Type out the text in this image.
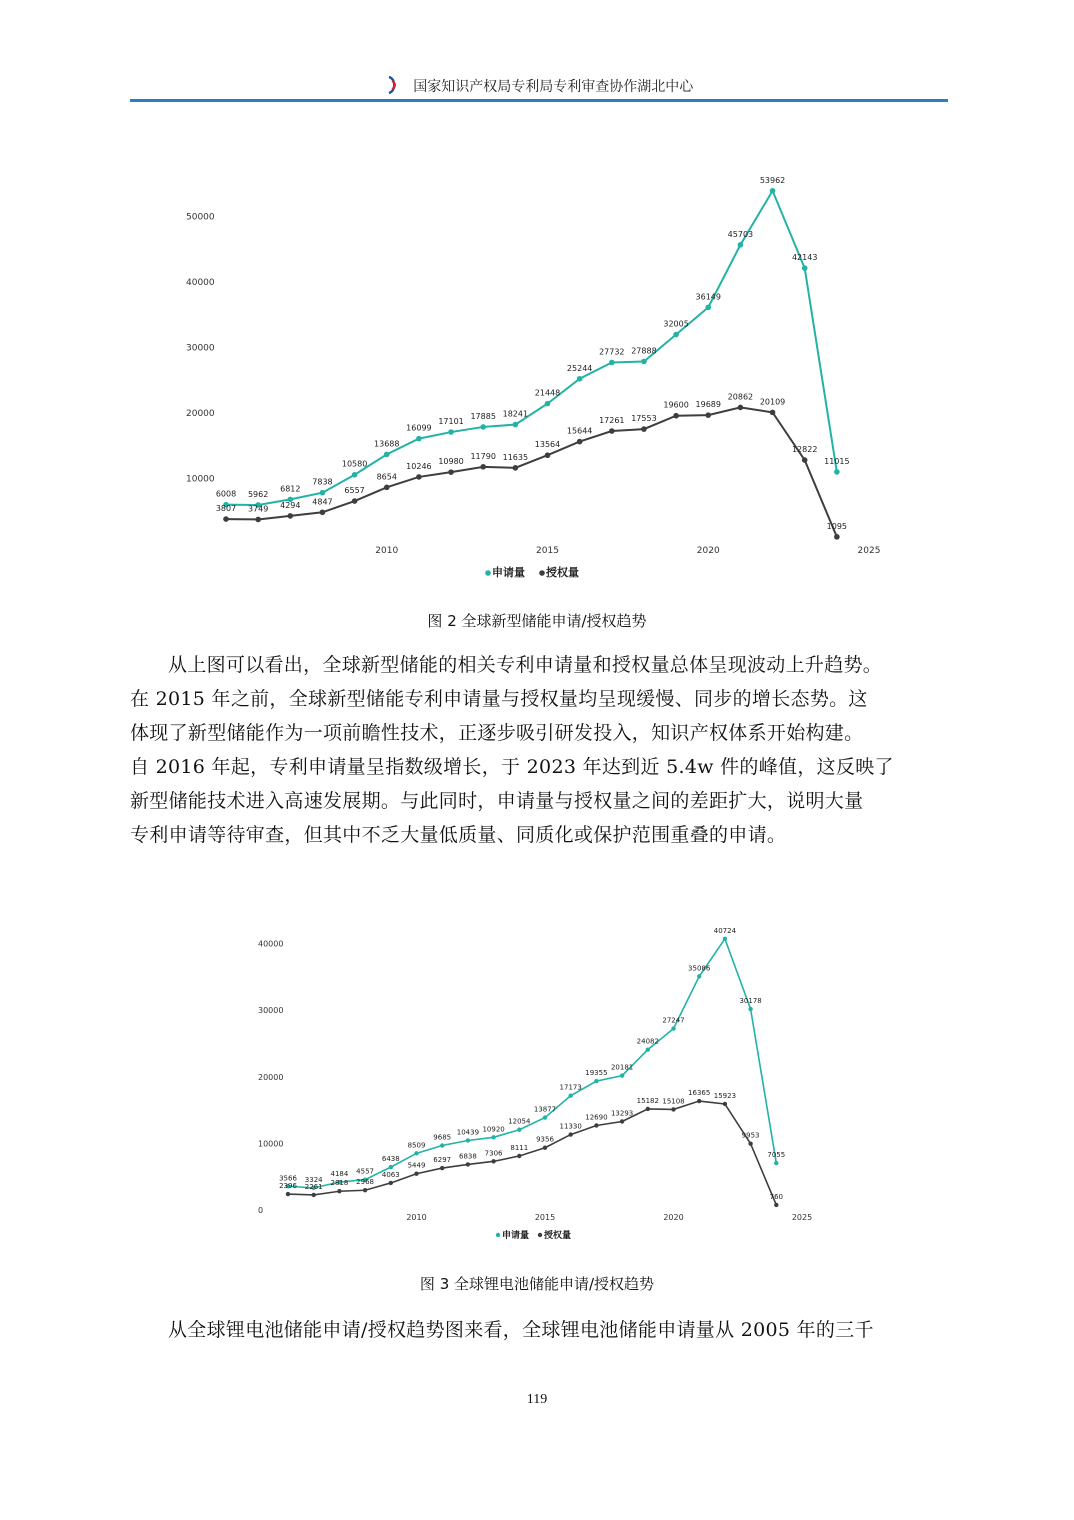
国家知识产权局专利局专利审查协作湖北中心
10000
20000
30000
40000
50000
2010	2015	2020	2025
6008 5962
6812
7838
10580
13688
16099
17101
17885 18241
21448
25244
27732 27888
32005
36149
45703
53962
42143
11015
3807 3749 4294 4847
6557
8654
10246
10980
11790 11635
13564
15644
17261 17553
19600 19689
20862
20109
12822
1095
申请量 授权量
图 2 全球新型储能申请/授权趋势

从上图可以看出，全球新型储能的相关专利申请量和授权量总体呈现波动上升趋势。

在 2015 年之前，全球新型储能专利申请量与授权量均呈现缓慢、同步的增长态势。这

体现了新型储能作为一项前瞻性技术，正逐步吸引研发投入，知识产权体系开始构建。

自 2016 年起，专利申请量呈指数级增长，于 2023 年达到近 5.4w 件的峰值，这反映了

新型储能技术进入高速发展期。与此同时，申请量与授权量之间的差距扩大，说明大量

专利申请等待审查，但其中不乏大量低质量、同质化或保护范围重叠的申请。

0
10000
20000
30000
40000
2010	2015	2020	2025
3566 3324
4184 4557
6438
8509
9685
10439 10920
12054
13877
17173
19355
20181
24082
27247
35086
40724
30178
7055
2396 2261 2818 2968
4063
5449
6297 6838 7306
8111
9356
11330
12690
13293
15182 15108
16365 15923
9953
760
申请量 授权量
图 3 全球锂电池储能申请/授权趋势

从全球锂电池储能申请/授权趋势图来看，全球锂电池储能申请量从 2005 年的三千

119
